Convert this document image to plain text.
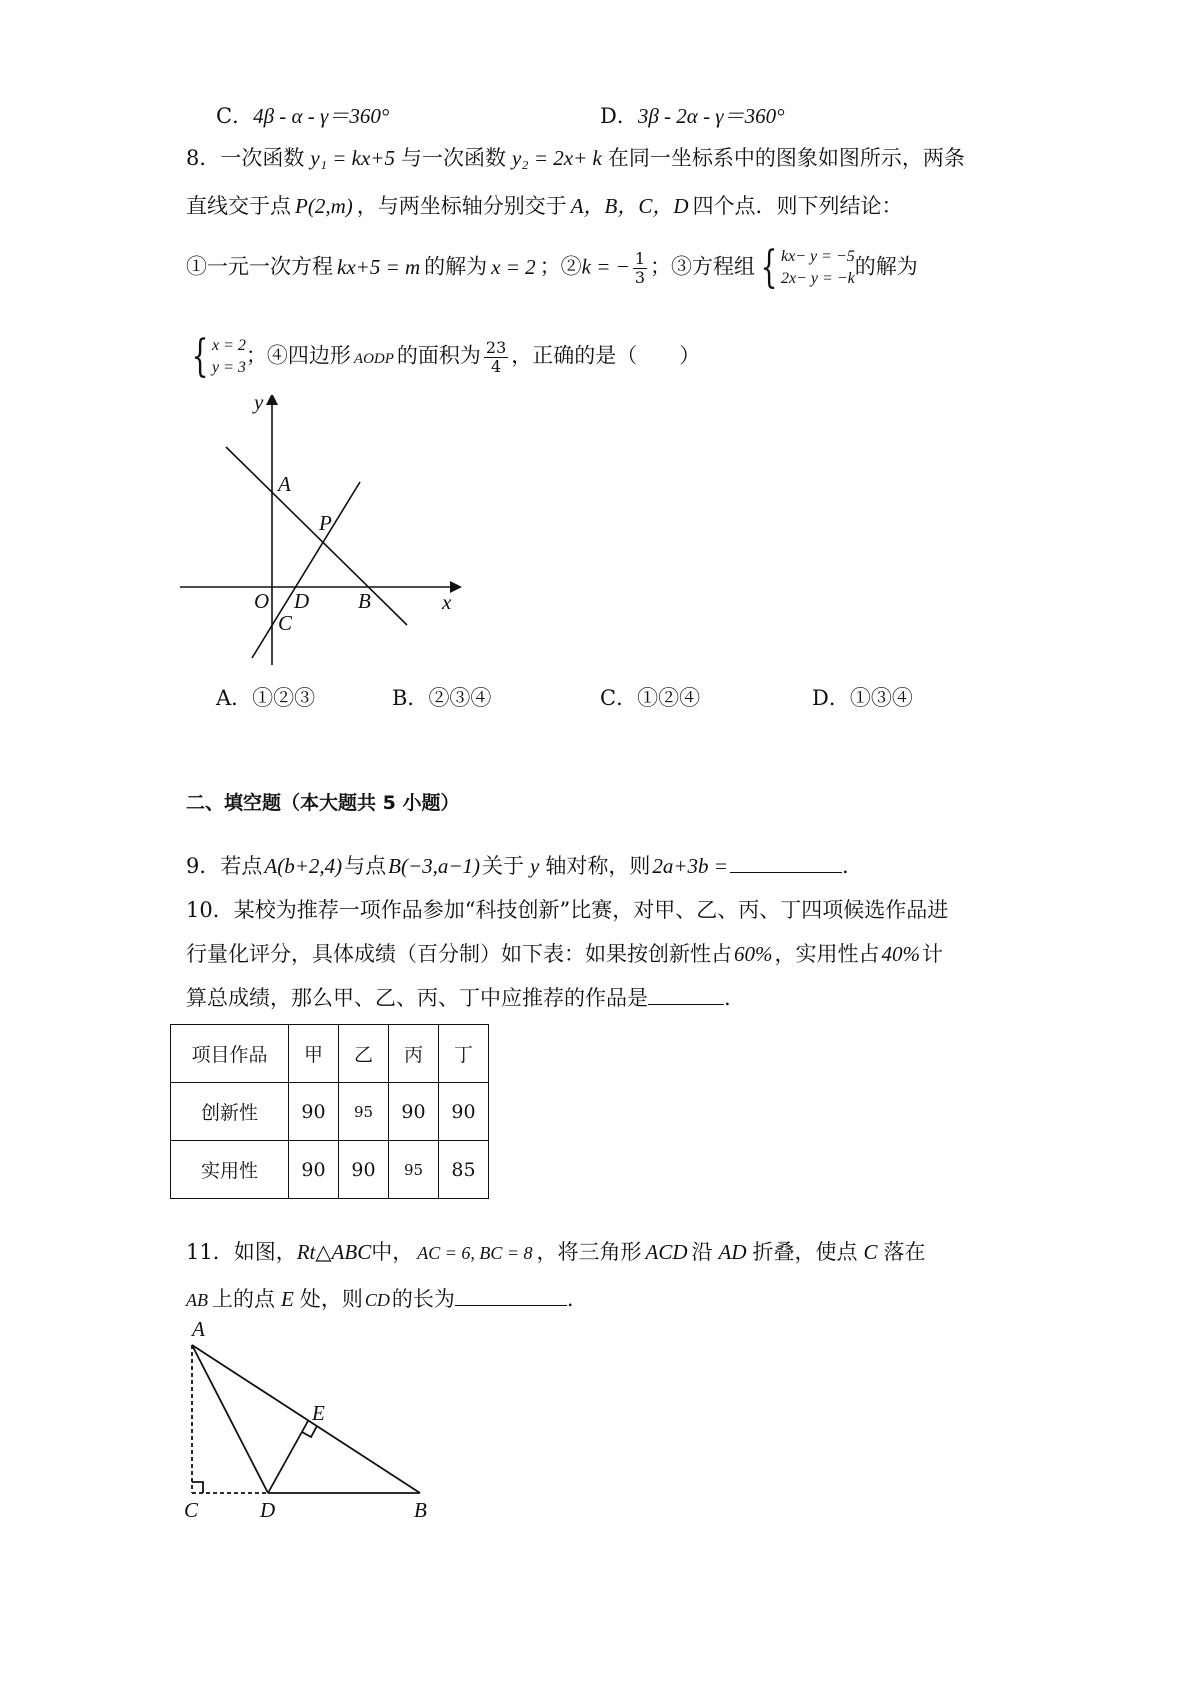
C．4β - α - γ＝360°	D．3β - 2α - γ＝360°
8．一次函数 y₁ = kx+5 与一次函数 y₂ = 2x+ k 在同一坐标系中的图象如图所示，两条
直线交于点 P(2,m) ，与两坐标轴分别交于 A，B，C，D 四个点．则下列结论：
①一元一次方程 kx+5 = m 的解为 x = 2 ；②k = − $\frac{1}{3}$ ；③方程组 { kx− y = −5
2x− y = −k 的解为
{ x = 2
y = 3 ；④四边形 AODP 的面积为 $\frac{23}{4}$ ，正确的是（　　）
y
x
A
P
O D B
C
A．①②③	B．②③④	C．①②④	D．①③④
二、填空题（本大题共 5 小题）
9．若点A(b+2,4)与点B(−3,a−1)关于 y 轴对称，则2a+3b =	.
10．某校为推荐一项作品参加“科技创新”比赛，对甲、乙、丙、丁四项候选作品进
行量化评分，具体成绩（百分制）如下表：如果按创新性占60%，实用性占40%计
算总成绩，那么甲、乙、丙、丁中应推荐的作品是	.
项目作品	甲	乙	丙	丁
创新性	90	95	90	90
实用性	90	90	95	85
11．如图，Rt△ABC中， AC = 6, BC = 8 ，将三角形 ACD 沿 AD 折叠，使点 C 落在
AB 上的点 E 处，则 CD的长为	.
A
E
C	D	B
